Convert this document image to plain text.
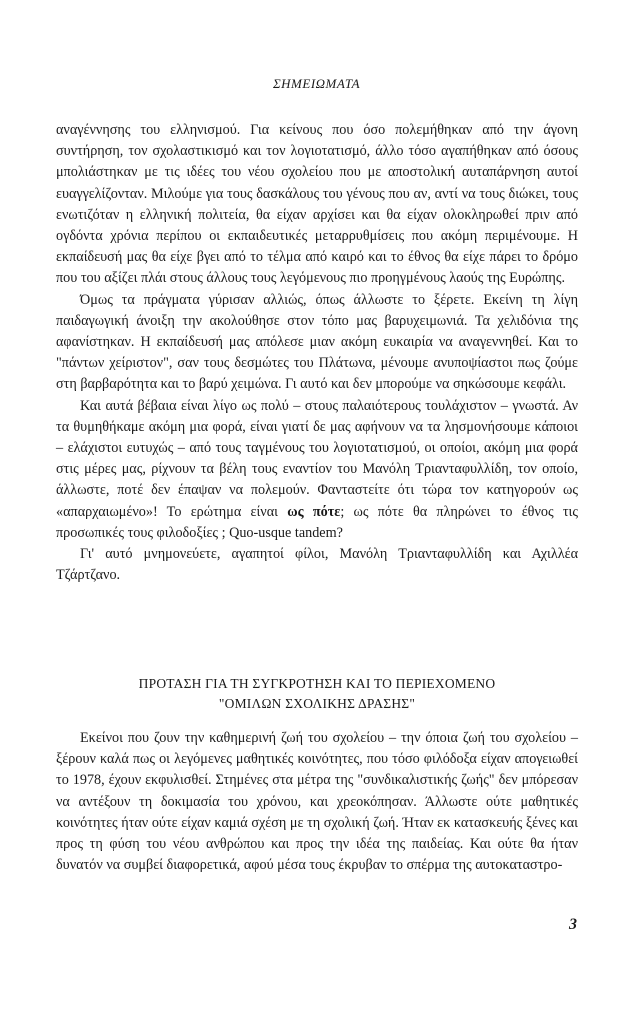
ΣΗΜΕΙΩΜΑΤΑ

αναγέννησης του ελληνισμού. Για κείνους που όσο πολεμήθηκαν από την άγονη συντήρηση, τον σχολαστικισμό και τον λογιοτατισμό, άλλο τόσο αγαπήθηκαν από όσους μπολιάστηκαν με τις ιδέες του νέου σχολείου που με αποστολική αυταπάρνηση αυτοί ευαγγελίζονταν. Μιλούμε για τους δασκάλους του γένους που αν, αντί να τους διώκει, τους ενωτιζόταν η ελληνική πολιτεία, θα είχαν αρχίσει και θα είχαν ολοκληρωθεί πριν από ογδόντα χρόνια περίπου οι εκπαιδευτικές μεταρρυθμίσεις που ακόμη περιμένουμε. Η εκπαίδευσή μας θα είχε βγει από το τέλμα από καιρό και το έθνος θα είχε πάρει το δρόμο που του αξίζει πλάι στους άλλους τους λεγόμενους πιο προηγμένους λαούς της Ευρώπης.

Όμως τα πράγματα γύρισαν αλλιώς, όπως άλλωστε το ξέρετε. Εκείνη τη λίγη παιδαγωγική άνοιξη την ακολούθησε στον τόπο μας βαρυχειμωνιά. Τα χελιδόνια της αφανίστηκαν. Η εκπαίδευσή μας απόλεσε μιαν ακόμη ευκαιρία να αναγεννηθεί. Και το "πάντων χείριστον", σαν τους δεσμώτες του Πλάτωνα, μένουμε ανυποψίαστοι πως ζούμε στη βαρβαρότητα και το βαρύ χειμώνα. Γι αυτό και δεν μπορούμε να σηκώσουμε κεφάλι.

Και αυτά βέβαια είναι λίγο ως πολύ – στους παλαιότερους τουλάχιστον – γνωστά. Αν τα θυμηθήκαμε ακόμη μια φορά, είναι γιατί δε μας αφήνουν να τα λησμονήσουμε κάποιοι – ελάχιστοι ευτυχώς – από τους ταγμένους του λογιοτατισμού, οι οποίοι, ακόμη μια φορά στις μέρες μας, ρίχνουν τα βέλη τους εναντίον του Μανόλη Τριανταφυλλίδη, τον οποίο, άλλωστε, ποτέ δεν έπαψαν να πολεμούν. Φανταστείτε ότι τώρα τον κατηγορούν ως «απαρχαιωμένο»! Το ερώτημα είναι ως πότε; ως πότε θα πληρώνει το έθνος τις προσωπικές τους φιλοδοξίες ; Quo-usque tandem?

Γι' αυτό μνημονεύετε, αγαπητοί φίλοι, Μανόλη Τριανταφυλλίδη και Αχιλλέα Τζάρτζανο.

ΠΡΟΤΑΣΗ ΓΙΑ ΤΗ ΣΥΓΚΡΟΤΗΣΗ ΚΑΙ ΤΟ ΠΕΡΙΕΧΟΜΕΝΟ
"ΟΜΙΛΩΝ ΣΧΟΛΙΚΗΣ ΔΡΑΣΗΣ"

Εκείνοι που ζουν την καθημερινή ζωή του σχολείου – την όποια ζωή του σχολείου – ξέρουν καλά πως οι λεγόμενες μαθητικές κοινότητες, που τόσο φιλόδοξα είχαν απογειωθεί το 1978, έχουν εκφυλισθεί. Στημένες στα μέτρα της "συνδικαλιστικής ζωής" δεν μπόρεσαν να αντέξουν τη δοκιμασία του χρόνου, και χρεοκόπησαν. Άλλωστε ούτε μαθητικές κοινότητες ήταν ούτε είχαν καμιά σχέση με τη σχολική ζωή. Ήταν εκ κατασκευής ξένες και προς τη φύση του νέου ανθρώπου και προς την ιδέα της παιδείας. Και ούτε θα ήταν δυνατόν να συμβεί διαφορετικά, αφού μέσα τους έκρυβαν το σπέρμα της αυτοκαταστρο-

3
